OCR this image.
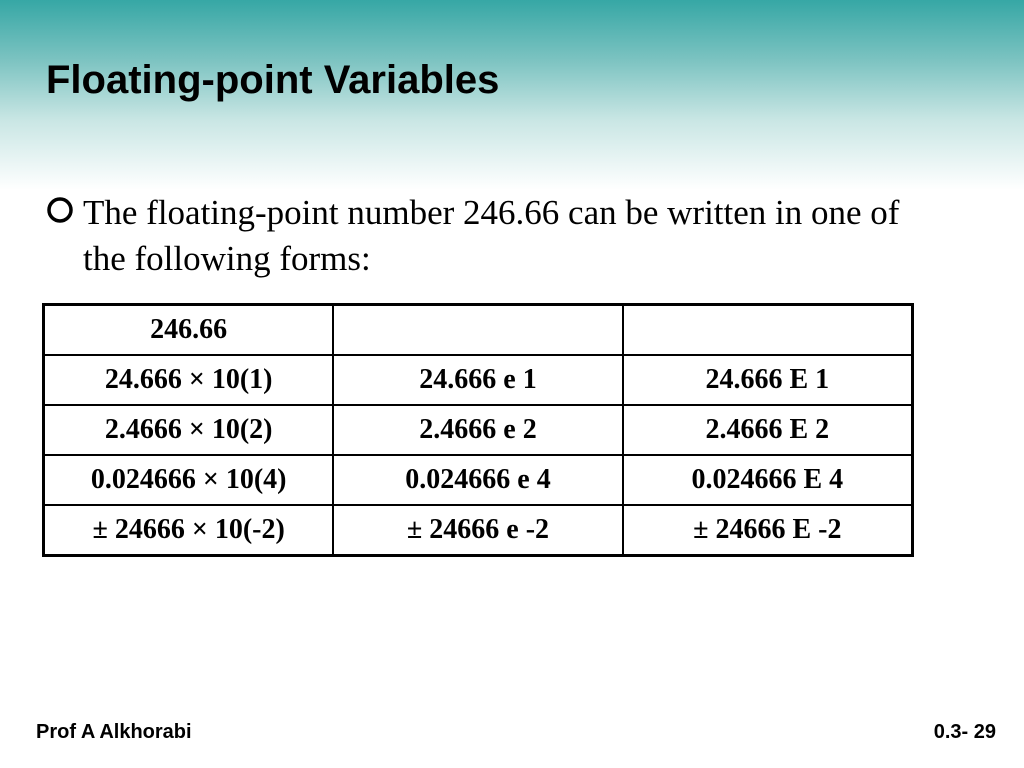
Floating-point Variables
The floating-point number 246.66 can be written in one of the following forms:
246.66		
24.666 × 10(1)	24.666 e 1	24.666 E 1
2.4666 × 10(2)	2.4666 e 2	2.4666 E 2
0.024666 × 10(4)	0.024666 e 4	0.024666 E 4
± 24666 × 10(-2)	± 24666 e -2	± 24666 E -2
Prof A Alkhorabi	0.3- 29
